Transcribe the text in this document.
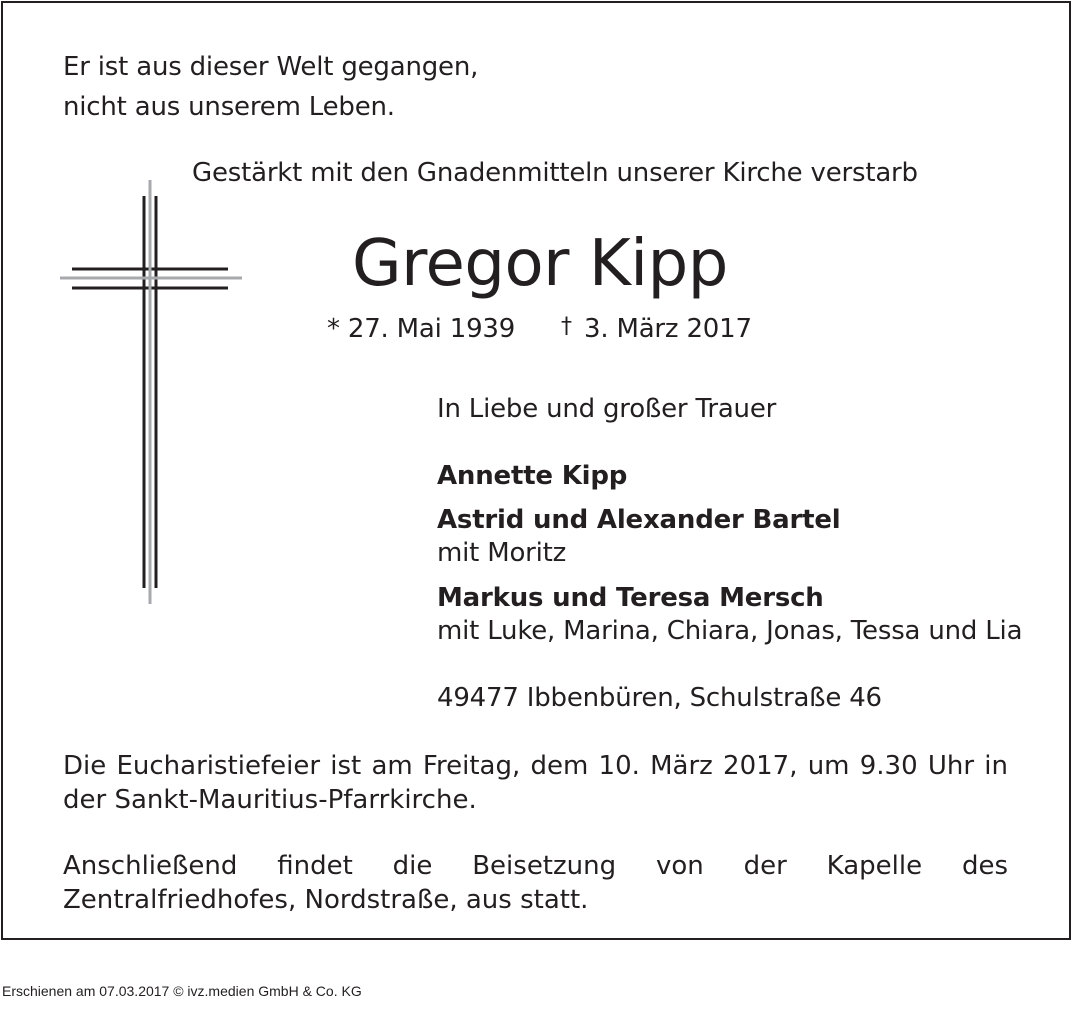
Er ist aus dieser Welt gegangen,
nicht aus unserem Leben.
Gestärkt mit den Gnadenmitteln unserer Kirche verstarb
Gregor Kipp
* 27. Mai 1939 † 3. März 2017
In Liebe und großer Trauer
Annette Kipp
Astrid und Alexander Bartel
mit Moritz
Markus und Teresa Mersch
mit Luke, Marina, Chiara, Jonas, Tessa und Lia
49477 Ibbenbüren, Schulstraße 46
Die Eucharistiefeier ist am Freitag, dem 10. März 2017, um 9.30 Uhr in der Sankt-Mauritius-Pfarrkirche.
Anschließend findet die Beisetzung von der Kapelle des Zentralfriedhofes, Nordstraße, aus statt.
Erschienen am 07.03.2017 © ivz.medien GmbH & Co. KG
